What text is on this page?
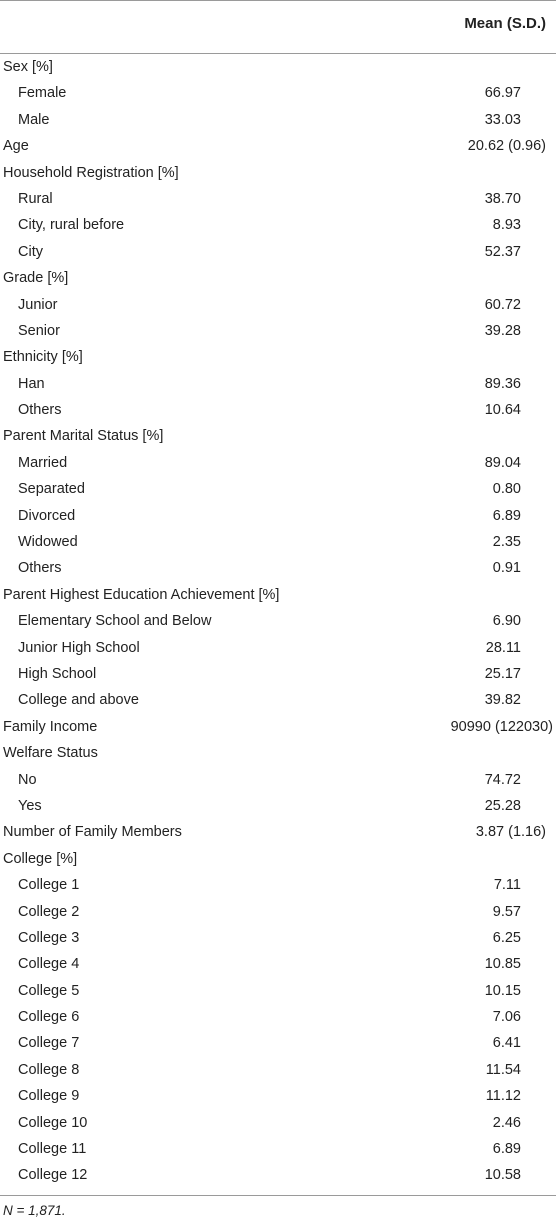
Mean (S.D.)
Sex [%]
Female	66.97
Male	33.03
Age	20.62 (0.96)
Household Registration [%]
Rural	38.70
City, rural before	8.93
City	52.37
Grade [%]
Junior	60.72
Senior	39.28
Ethnicity [%]
Han	89.36
Others	10.64
Parent Marital Status [%]
Married	89.04
Separated	0.80
Divorced	6.89
Widowed	2.35
Others	0.91
Parent Highest Education Achievement [%]
Elementary School and Below	6.90
Junior High School	28.11
High School	25.17
College and above	39.82
Family Income	90990 (122030)
Welfare Status
No	74.72
Yes	25.28
Number of Family Members	3.87 (1.16)
College [%]
College 1	7.11
College 2	9.57
College 3	6.25
College 4	10.85
College 5	10.15
College 6	7.06
College 7	6.41
College 8	11.54
College 9	11.12
College 10	2.46
College 11	6.89
College 12	10.58
N = 1,871.
